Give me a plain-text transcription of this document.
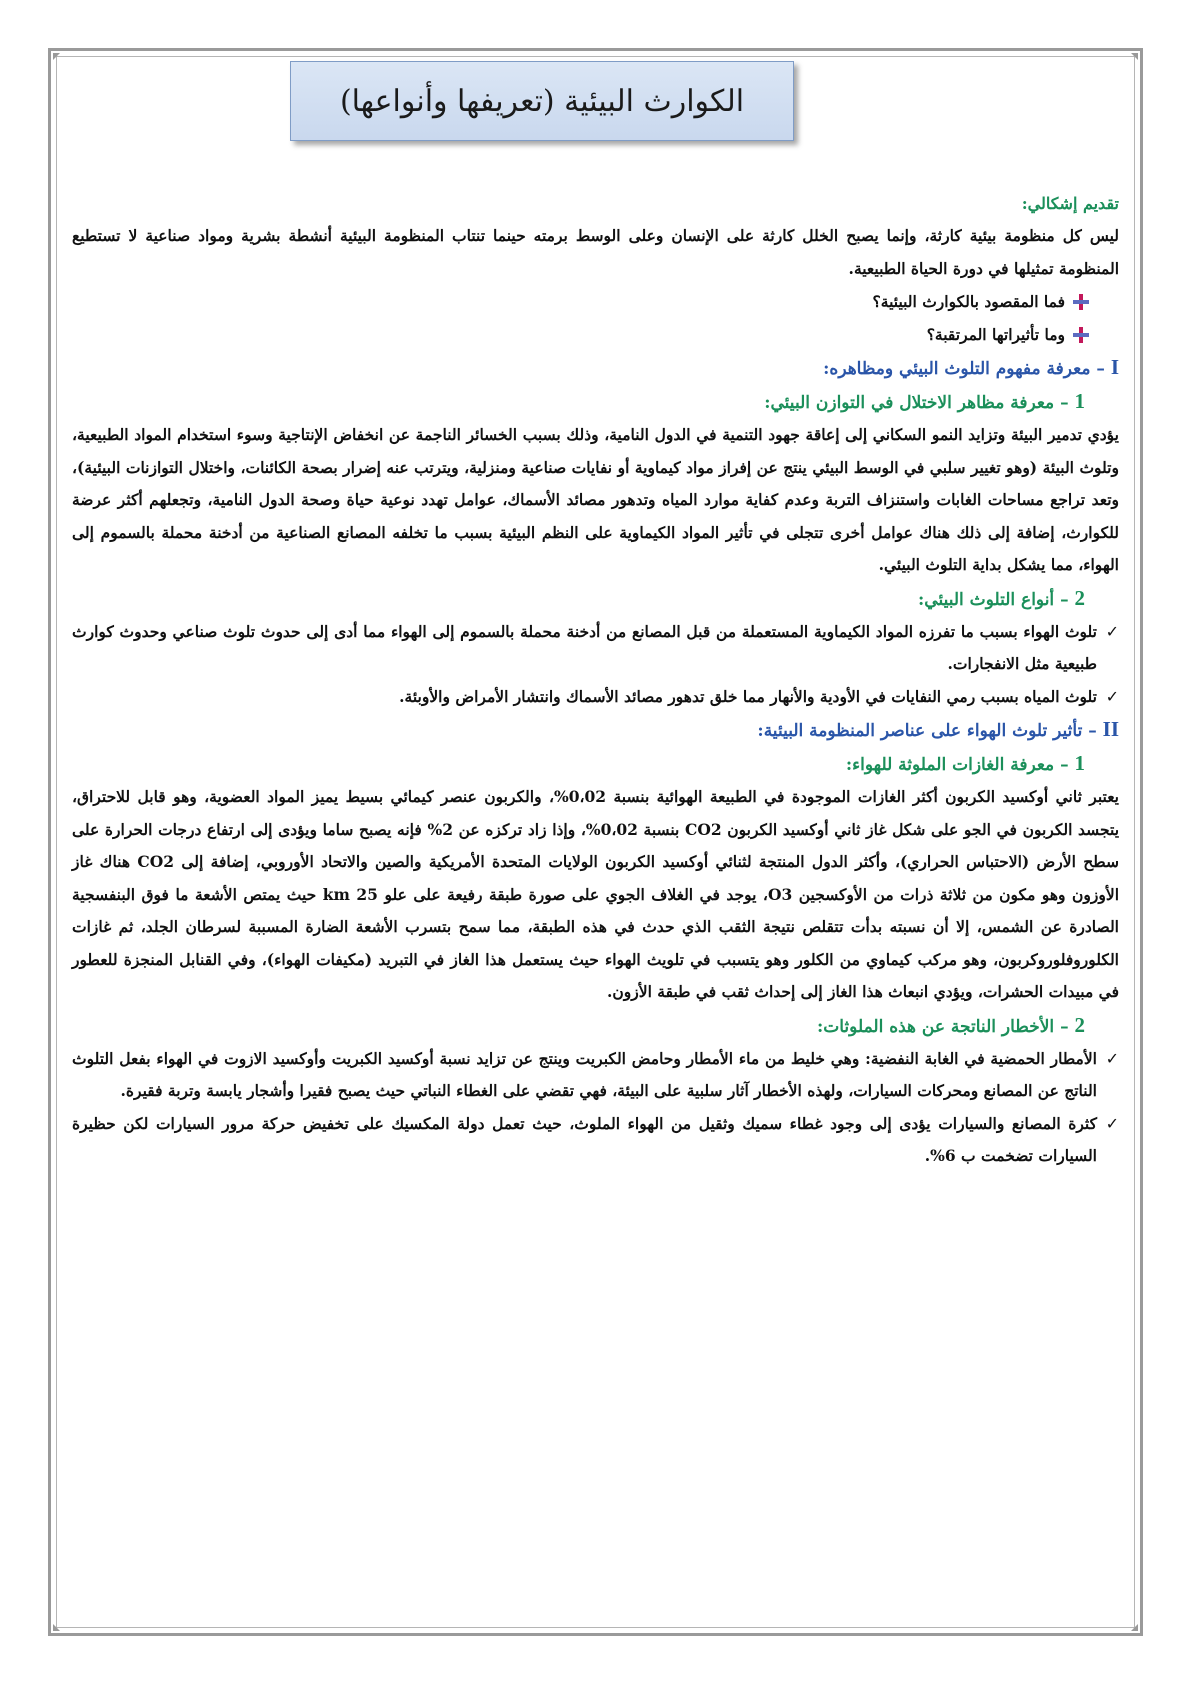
الكوارث البيئية (تعريفها وأنواعها)

تقديم إشكالي:

ليس كل منظومة بيئية كارثة، وإنما يصبح الخلل كارثة على الإنسان وعلى الوسط برمته حينما تنتاب المنظومة البيئية أنشطة بشرية ومواد صناعية لا تستطيع المنظومة تمثيلها في دورة الحياة الطبيعية.

فما المقصود بالكوارث البيئية؟
وما تأثيراتها المرتقبة؟

I – معرفة مفهوم التلوث البيئي ومظاهره:

1 – معرفة مظاهر الاختلال في التوازن البيئي:

يؤدي تدمير البيئة وتزايد النمو السكاني إلى إعاقة جهود التنمية في الدول النامية، وذلك بسبب الخسائر الناجمة عن انخفاض الإنتاجية وسوء استخدام المواد الطبيعية، وتلوث البيئة (وهو تغيير سلبي في الوسط البيئي ينتج عن إفراز مواد كيماوية أو نفايات صناعية ومنزلية، ويترتب عنه إضرار بصحة الكائنات، واختلال التوازنات البيئية)، وتعد تراجع مساحات الغابات واستنزاف التربة وعدم كفاية موارد المياه وتدهور مصائد الأسماك، عوامل تهدد نوعية حياة وصحة الدول النامية، وتجعلهم أكثر عرضة للكوارث، إضافة إلى ذلك هناك عوامل أخرى تتجلى في تأثير المواد الكيماوية على النظم البيئية بسبب ما تخلفه المصانع الصناعية من أدخنة محملة بالسموم إلى الهواء، مما يشكل بداية التلوث البيئي.

2 – أنواع التلوث البيئي:

✓

تلوث الهواء بسبب ما تفرزه المواد الكيماوية المستعملة من قبل المصانع من أدخنة محملة بالسموم إلى الهواء مما أدى إلى حدوث تلوث صناعي وحدوث كوارث طبيعية مثل الانفجارات.

✓

تلوث المياه بسبب رمي النفايات في الأودية والأنهار مما خلق تدهور مصائد الأسماك وانتشار الأمراض والأوبئة.

II – تأثير تلوث الهواء على عناصر المنظومة البيئية:

1 – معرفة الغازات الملوثة للهواء:

يعتبر ثاني أوكسيد الكربون أكثر الغازات الموجودة في الطبيعة الهوائية بنسبة 0،02%، والكربون عنصر كيمائي بسيط يميز المواد العضوية، وهو قابل للاحتراق، يتجسد الكربون في الجو على شكل غاز ثاني أوكسيد الكربون CO2 بنسبة 0،02%، وإذا زاد تركزه عن 2% فإنه يصبح ساما ويؤدى إلى ارتفاع درجات الحرارة على سطح الأرض (الاحتباس الحراري)، وأكثر الدول المنتجة لثنائي أوكسيد الكربون الولايات المتحدة الأمريكية والصين والاتحاد الأوروبي، إضافة إلى CO2 هناك غاز الأوزون وهو مكون من ثلاثة ذرات من الأوكسجين O3، يوجد في الغلاف الجوي على صورة طبقة رفيعة على علو 25 km حيث يمتص الأشعة ما فوق البنفسجية الصادرة عن الشمس، إلا أن نسبته بدأت تتقلص نتيجة الثقب الذي حدث في هذه الطبقة، مما سمح بتسرب الأشعة الضارة المسببة لسرطان الجلد، ثم غازات الكلوروفلوروكربون، وهو مركب كيماوي من الكلور وهو يتسبب في تلويث الهواء حيث يستعمل هذا الغاز في التبريد (مكيفات الهواء)، وفي القنابل المنجزة للعطور في مبيدات الحشرات، ويؤدي انبعاث هذا الغاز إلى إحداث ثقب في طبقة الأزون.

2 – الأخطار الناتجة عن هذه الملوثات:

✓

الأمطار الحمضية في الغابة النفضية: وهي خليط من ماء الأمطار وحامض الكبريت وينتج عن تزايد نسبة أوكسيد الكبريت وأوكسيد الازوت في الهواء بفعل التلوث الناتج عن المصانع ومحركات السيارات، ولهذه الأخطار آثار سلبية على البيئة، فهي تقضي على الغطاء النباتي حيث يصبح فقيرا وأشجار يابسة وتربة فقيرة.

✓

كثرة المصانع والسيارات يؤدى إلى وجود غطاء سميك وثقيل من الهواء الملوث، حيث تعمل دولة المكسيك على تخفيض حركة مرور السيارات لكن حظيرة السيارات تضخمت ب 6%.
